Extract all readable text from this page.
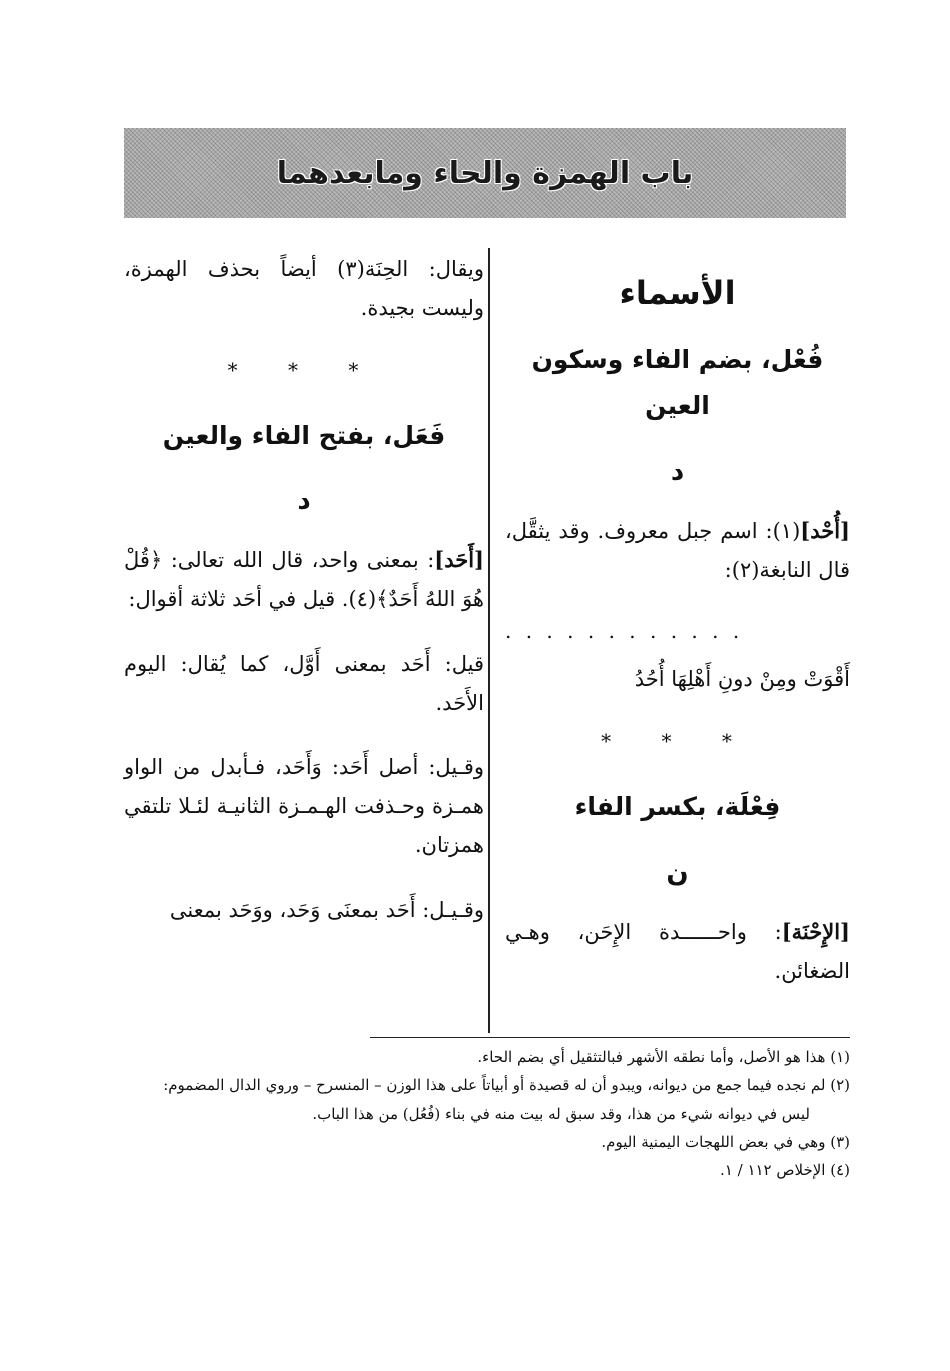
باب الهمزة والحاء ومابعدهما
الأسماء
فُعْل، بضم الفاء وسكون العين
د

[أُحْد](١): اسم جبل معروف. وقد يثقَّل، قال النابغة(٢):

. . . . . . . . . . . .
أَقْوَتْ ومِنْ دونِ أَهْلِهَا أُحُدُ
* * *
فِعْلَة، بكسر الفاء
ن

[الإِحْنَة]: واحــــــدة الإِحَن، وهـي الضغائن.

ويقال: الحِنَة(٣) أيضاً بحذف الهمزة، وليست بجيدة.

* * *
فَعَل، بفتح الفاء والعين
د

[أَحَد]: بمعنى واحد، قال الله تعالى: ﴿قُلْ هُوَ اللهُ أَحَدٌ﴾(٤). قيل في أحَد ثلاثة أقوال:

قيل: أَحَد بمعنى أَوَّل، كما يُقال: اليوم الأَحَد.

وقـيل: أصل أَحَد: وَأَحَد، فـأبدل من الواو همـزة وحـذفت الهـمـزة الثانيـة لئـلا تلتقي همزتان.

وقـيـل: أَحَد بمعنَى وَحَد، ووَحَد بمعنى

(١) هذا هو الأصل، وأما نطقه الأشهر فبالتثقيل أي بضم الحاء.

(٢) لم نجده فيما جمع من ديوانه، ويبدو أن له قصيدة أو أبياتاً على هذا الوزن – المنسرح – وروي الدال المضموم:

ليس في ديوانه شيء من هذا، وقد سبق له بيت منه في بناء (فُعُل) من هذا الباب.

(٣) وهي في بعض اللهجات اليمنية اليوم.

(٤) الإخلاص ١١٢ / ١.
